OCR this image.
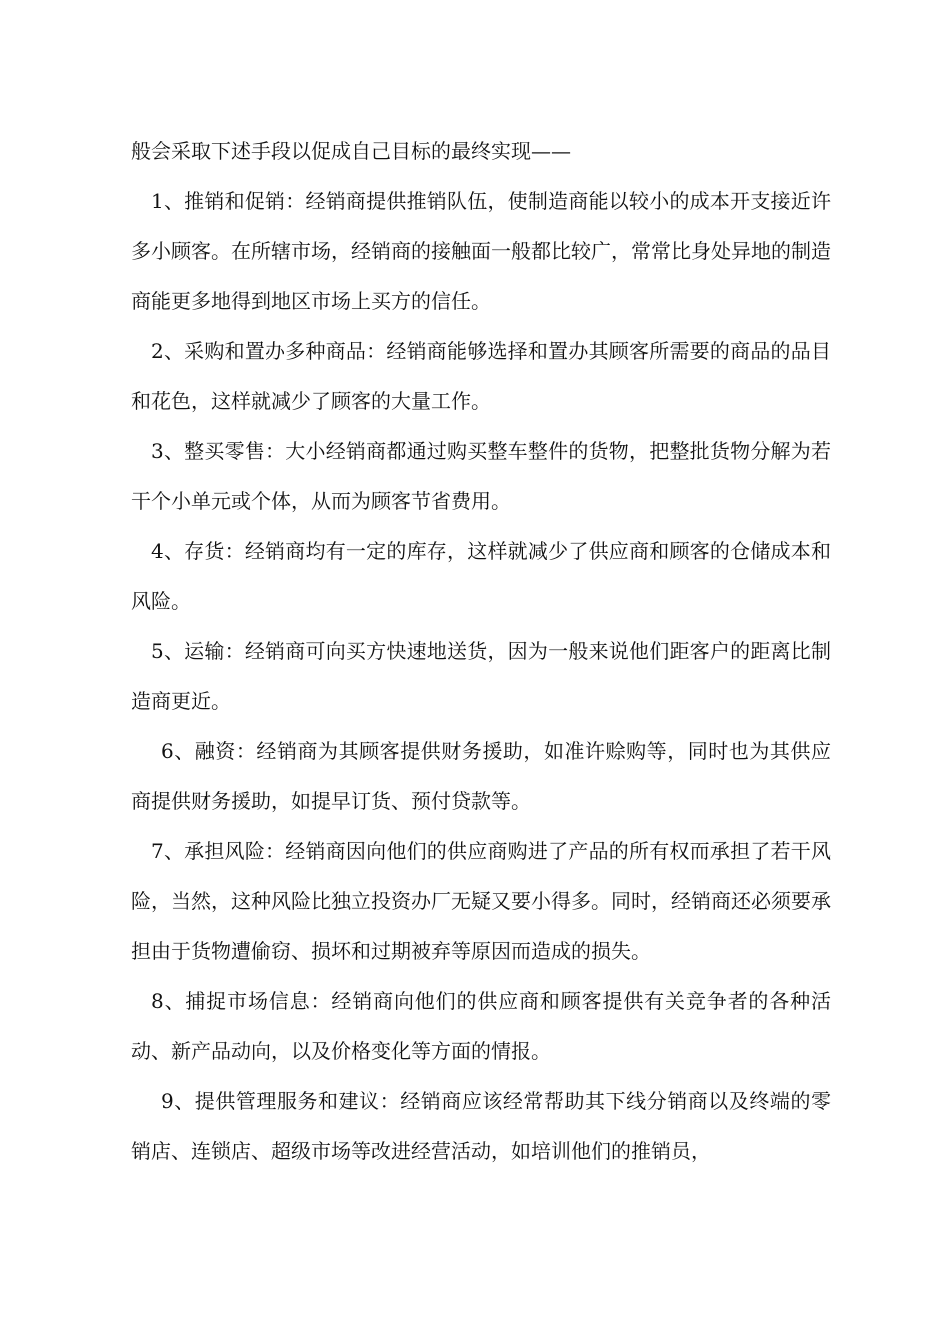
般会采取下述手段以促成自己目标的最终实现——

1、推销和促销：经销商提供推销队伍，使制造商能以较小的成本开支接近许多小顾客。在所辖市场，经销商的接触面一般都比较广，常常比身处异地的制造商能更多地得到地区市场上买方的信任。

2、采购和置办多种商品：经销商能够选择和置办其顾客所需要的商品的品目和花色，这样就减少了顾客的大量工作。

3、整买零售：大小经销商都通过购买整车整件的货物，把整批货物分解为若干个小单元或个体，从而为顾客节省费用。

4、存货：经销商均有一定的库存，这样就减少了供应商和顾客的仓储成本和风险。

5、运输：经销商可向买方快速地送货，因为一般来说他们距客户的距离比制造商更近。

6、融资：经销商为其顾客提供财务援助，如准许赊购等，同时也为其供应商提供财务援助，如提早订货、预付贷款等。

7、承担风险：经销商因向他们的供应商购进了产品的所有权而承担了若干风险，当然，这种风险比独立投资办厂无疑又要小得多。同时，经销商还必须要承担由于货物遭偷窃、损坏和过期被弃等原因而造成的损失。

8、捕捉市场信息：经销商向他们的供应商和顾客提供有关竞争者的各种活动、新产品动向，以及价格变化等方面的情报。

9、提供管理服务和建议：经销商应该经常帮助其下线分销商以及终端的零销店、连锁店、超级市场等改进经营活动，如培训他们的推销员，
